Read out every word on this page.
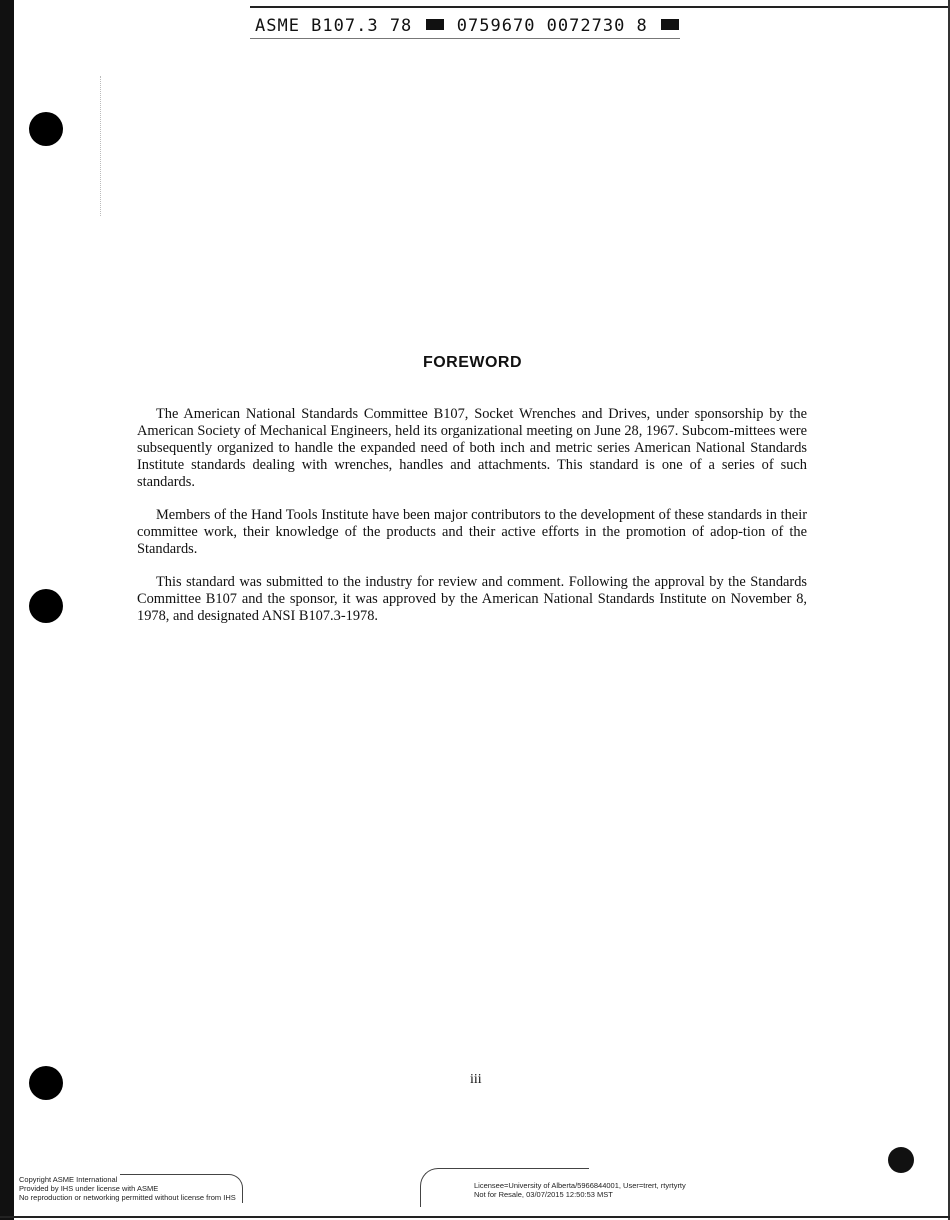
ASME B107.3 78	0759670 0072730 8
FOREWORD

The American National Standards Committee B107, Socket Wrenches and Drives, under sponsorship by the American Society of Mechanical Engineers, held its organizational meeting on June 28, 1967. Subcom-mittees were subsequently organized to handle the expanded need of both inch and metric series American National Standards Institute standards dealing with wrenches, handles and attachments. This standard is one of a series of such standards.

Members of the Hand Tools Institute have been major contributors to the development of these standards in their committee work, their knowledge of the products and their active efforts in the promotion of adop-tion of the Standards.

This standard was submitted to the industry for review and comment. Following the approval by the Standards Committee B107 and the sponsor, it was approved by the American National Standards Institute on November 8, 1978, and designated ANSI B107.3-1978.

iii
Copyright ASME International
Provided by IHS under license with ASME
No reproduction or networking permitted without license from IHS
Licensee=University of Alberta/5966844001, User=trert, rtyrtyrty
Not for Resale, 03/07/2015 12:50:53 MST
